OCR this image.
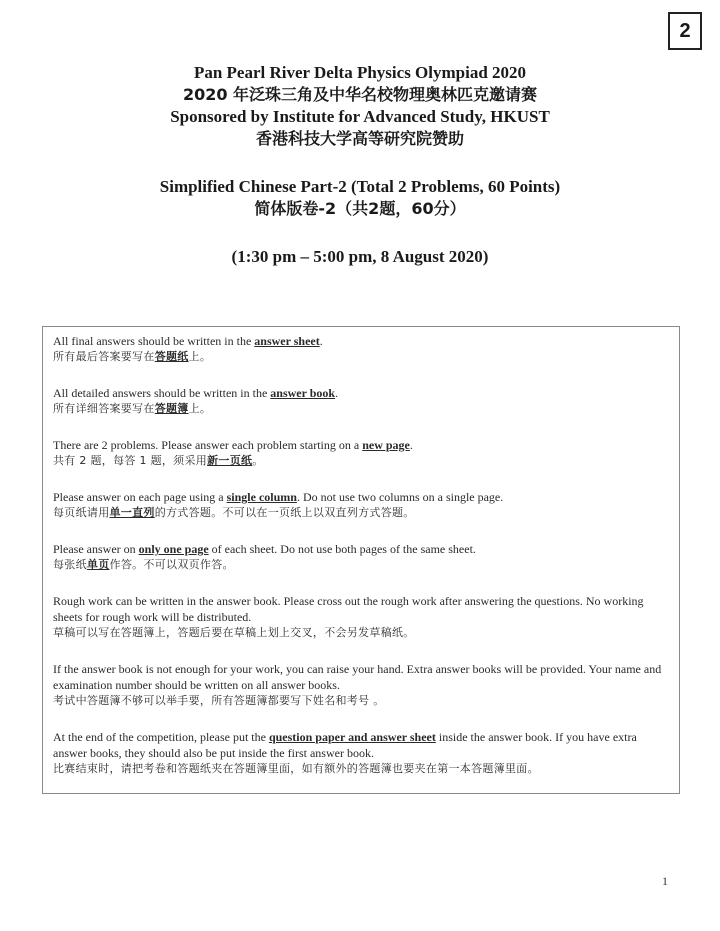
2
Pan Pearl River Delta Physics Olympiad 2020
2020 年泛珠三角及中华名校物理奥林匹克邀请赛
Sponsored by Institute for Advanced Study, HKUST
香港科技大学高等研究院赞助
Simplified Chinese Part-2 (Total 2 Problems, 60 Points)
简体版卷-2（共2题，60分）
(1:30 pm – 5:00 pm, 8 August 2020)
All final answers should be written in the answer sheet.
所有最后答案要写在答题纸上。
All detailed answers should be written in the answer book.
所有详细答案要写在答题簿上。
There are 2 problems. Please answer each problem starting on a new page.
共有 2 题，每答 1 题，须采用新一页纸。
Please answer on each page using a single column. Do not use two columns on a single page.
每页纸请用单一直列的方式答题。不可以在一页纸上以双直列方式答题。
Please answer on only one page of each sheet. Do not use both pages of the same sheet.
每张纸单页作答。不可以双页作答。
Rough work can be written in the answer book. Please cross out the rough work after answering the questions. No working sheets for rough work will be distributed.
草稿可以写在答题簿上，答题后要在草稿上划上交叉，不会另发草稿纸。
If the answer book is not enough for your work, you can raise your hand. Extra answer books will be provided. Your name and examination number should be written on all answer books.
考试中答题簿不够可以举手要，所有答题簿都要写下姓名和考号 。
At the end of the competition, please put the question paper and answer sheet inside the answer book. If you have extra answer books, they should also be put inside the first answer book.
比赛结束时，请把考卷和答题纸夹在答题簿里面，如有额外的答题簿也要夹在第一本答题簿里面。
1
